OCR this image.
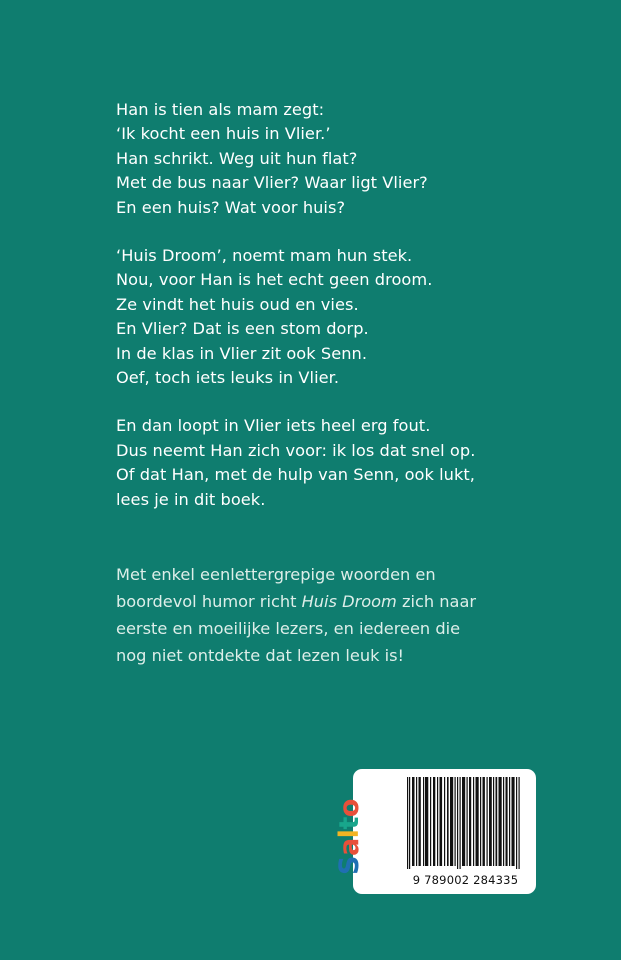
Han is tien als mam zegt:
‘Ik kocht een huis in Vlier.’
Han schrikt. Weg uit hun flat?
Met de bus naar Vlier? Waar ligt Vlier?
En een huis? Wat voor huis?
‘Huis Droom’, noemt mam hun stek.
Nou, voor Han is het echt geen droom.
Ze vindt het huis oud en vies.
En Vlier? Dat is een stom dorp.
In de klas in Vlier zit ook Senn.
Oef, toch iets leuks in Vlier.
En dan loopt in Vlier iets heel erg fout.
Dus neemt Han zich voor: ik los dat snel op.
Of dat Han, met de hulp van Senn, ook lukt,
lees je in dit boek.
Met enkel eenlettergrepige woorden en
boordevol humor richt Huis Droom zich naar
eerste en moeilijke lezers, en iedereen die
nog niet ontdekte dat lezen leuk is!
Salto
9 789002 284335
